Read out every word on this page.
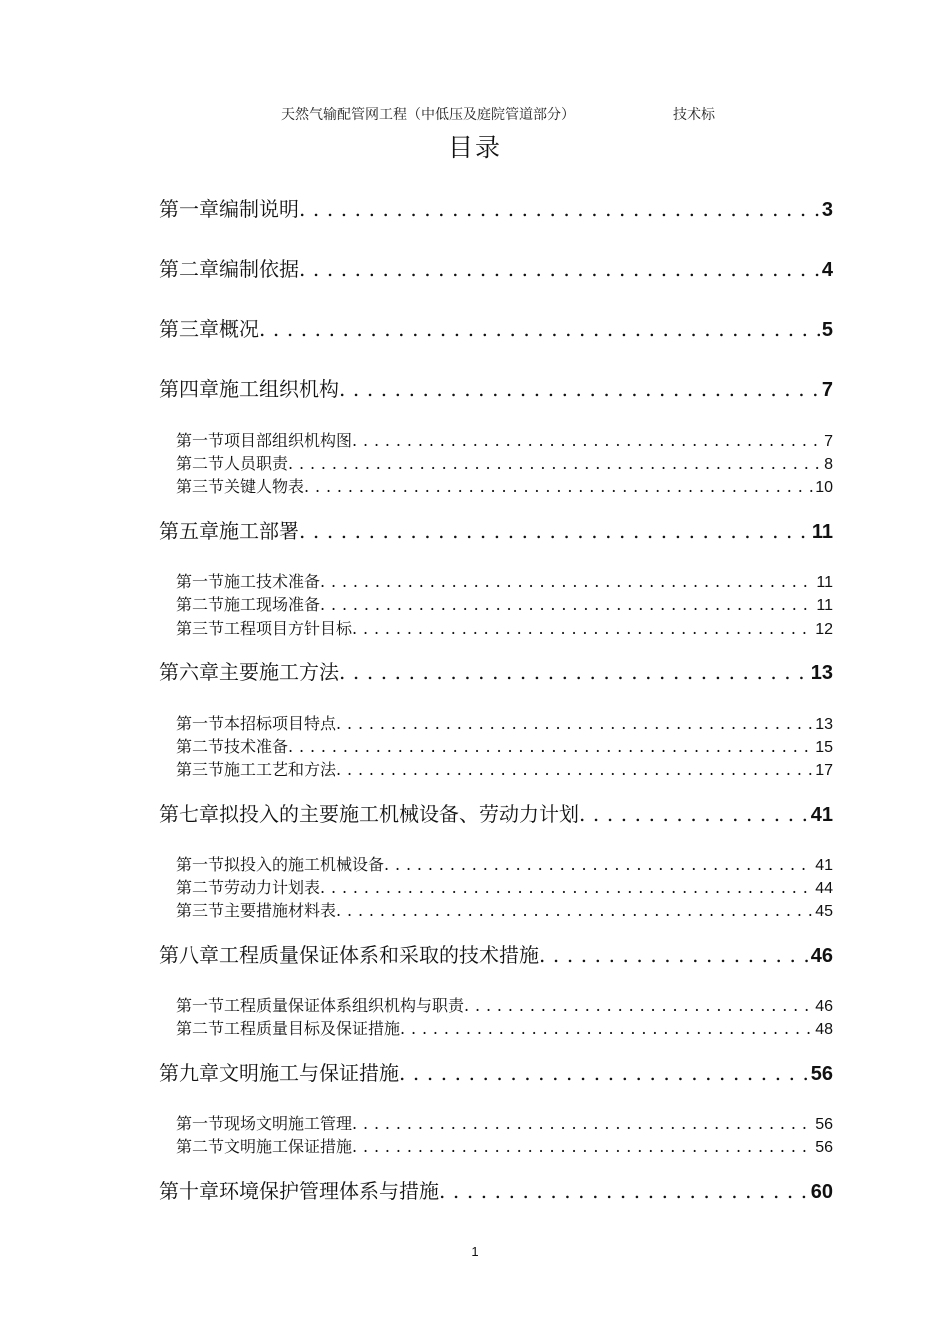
天然气输配管网工程（中低压及庭院管道部分）	技术标
目录
第一章编制说明 . . .	3
第二章编制依据 . . .	4
第三章概况 . . .	5
第四章施工组织机构 . . .	7
第一节项目部组织机构图 . . .	7
第二节人员职责 . . .	8
第三节关键人物表 . . .	10
第五章施工部署 . . .	11
第一节施工技术准备 . . .	11
第二节施工现场准备 . . .	11
第三节工程项目方针目标 . . .	12
第六章主要施工方法 . . .	13
第一节本招标项目特点 . . .	13
第二节技术准备 . . .	15
第三节施工工艺和方法 . . .	17
第七章拟投入的主要施工机械设备、劳动力计划 . . .	41
第一节拟投入的施工机械设备 . . .	41
第二节劳动力计划表 . . .	44
第三节主要措施材料表 . . .	45
第八章工程质量保证体系和采取的技术措施 . . .	46
第一节工程质量保证体系组织机构与职责 . . .	46
第二节工程质量目标及保证措施 . . .	48
第九章文明施工与保证措施 . . .	56
第一节现场文明施工管理 . . .	56
第二节文明施工保证措施 . . .	56
第十章环境保护管理体系与措施 . . .	60
1
